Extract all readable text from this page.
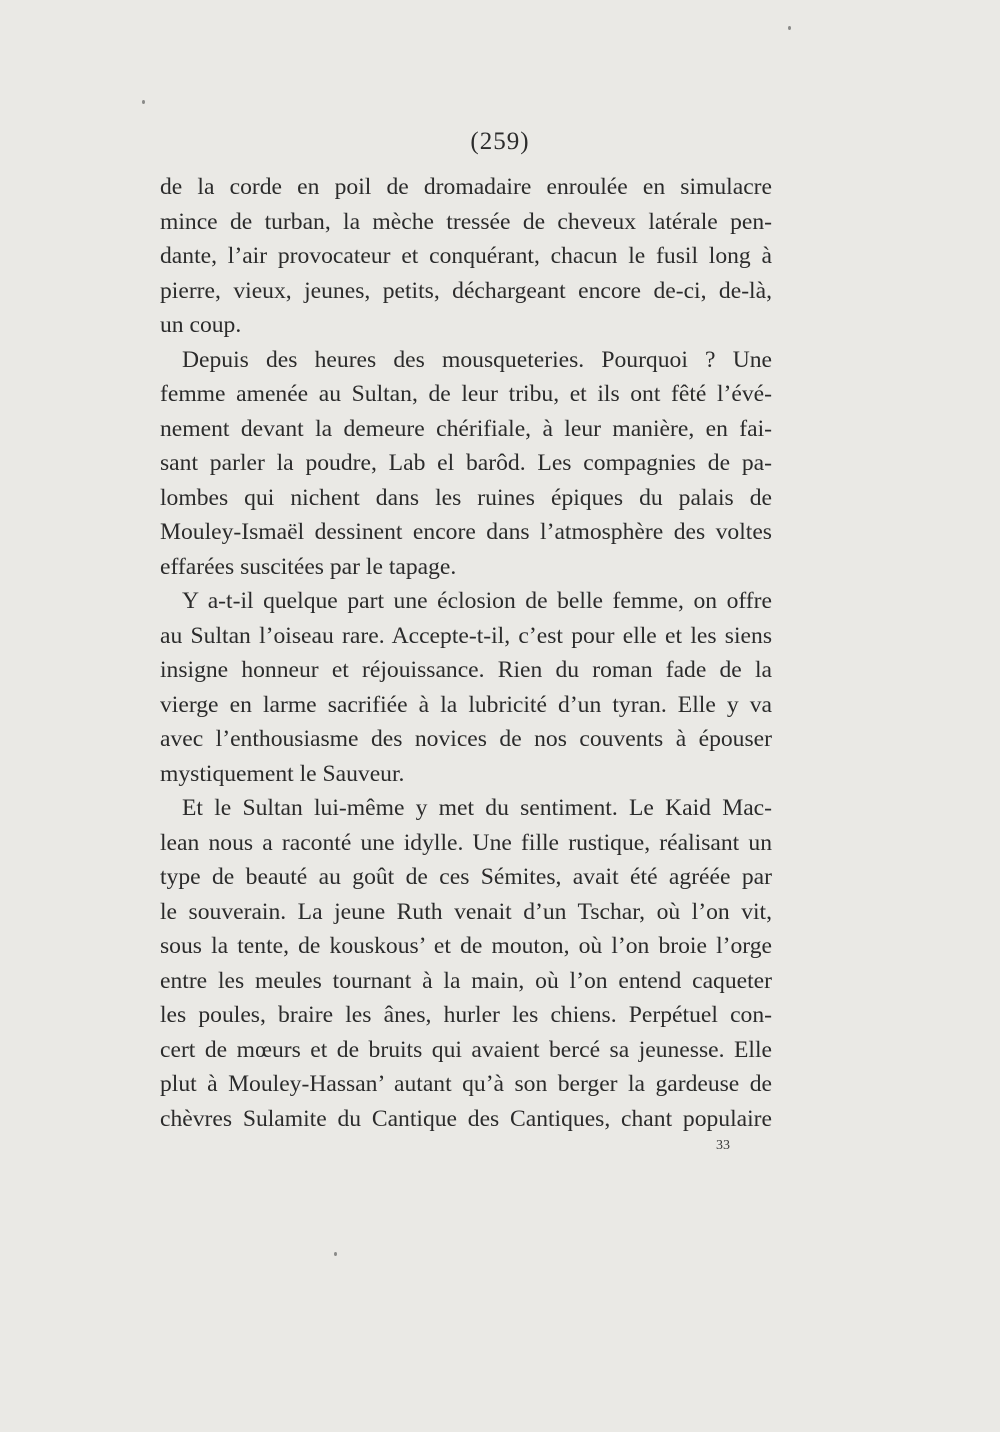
(259)
de la corde en poil de dromadaire enroulée en simulacre
mince de turban, la mèche tressée de cheveux latérale pen-
dante, l’air provocateur et conquérant, chacun le fusil long à
pierre, vieux, jeunes, petits, déchargeant encore de-ci, de-là,
un coup.
Depuis des heures des mousqueteries. Pourquoi ? Une
femme amenée au Sultan, de leur tribu, et ils ont fêté l’évé-
nement devant la demeure chérifiale, à leur manière, en fai-
sant parler la poudre, Lab el barôd. Les compagnies de pa-
lombes qui nichent dans les ruines épiques du palais de
Mouley-Ismaël dessinent encore dans l’atmosphère des voltes
effarées suscitées par le tapage.
Y a-t-il quelque part une éclosion de belle femme, on offre
au Sultan l’oiseau rare. Accepte-t-il, c’est pour elle et les siens
insigne honneur et réjouissance. Rien du roman fade de la
vierge en larme sacrifiée à la lubricité d’un tyran. Elle y va
avec l’enthousiasme des novices de nos couvents à épouser
mystiquement le Sauveur.
Et le Sultan lui-même y met du sentiment. Le Kaid Mac-
lean nous a raconté une idylle. Une fille rustique, réalisant un
type de beauté au goût de ces Sémites, avait été agréée par
le souverain. La jeune Ruth venait d’un Tschar, où l’on vit,
sous la tente, de kouskous’ et de mouton, où l’on broie l’orge
entre les meules tournant à la main, où l’on entend caqueter
les poules, braire les ânes, hurler les chiens. Perpétuel con-
cert de mœurs et de bruits qui avaient bercé sa jeunesse. Elle
plut à Mouley-Hassan’ autant qu’à son berger la gardeuse de
chèvres Sulamite du Cantique des Cantiques, chant populaire
33
